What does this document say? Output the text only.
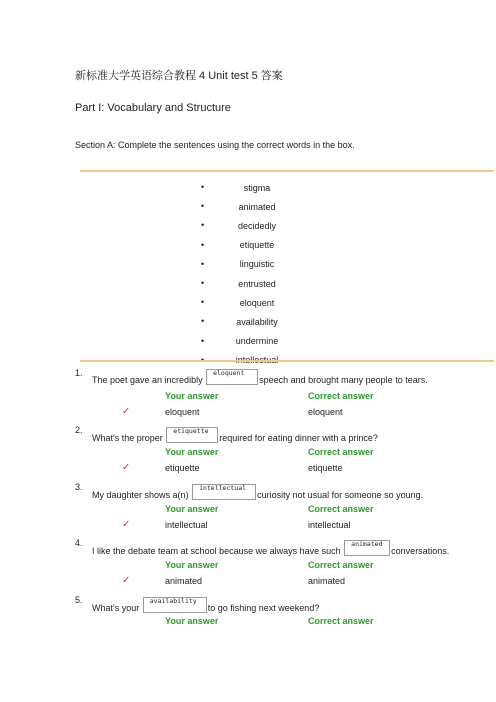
新标准大学英语综合教程 4 Unit test 5 答案
Part I: Vocabulary and Structure
Section A: Complete the sentences using the correct words in the box.
•	stigma
•	animated
•	decidedly
•	etiquette
•	linguistic
•	entrusted
•	eloquent
•	availability
•	undermine
1.
The poet gave an incredibly
eloquent
speech and brought many people to tears.
Your answer	Correct answer
✓	eloquent	eloquent
2.
What's the proper
etiquette
required for eating dinner with a prince?
Your answer	Correct answer
✓	etiquette	etiquette
3.
My daughter shows a(n)
intellectual
curiosity not usual for someone so young.
Your answer	Correct answer
✓	intellectual	intellectual
4.
I like the debate team at school because we always have such
animated
conversations.
Your answer	Correct answer
✓	animated	animated
5.
What's your
availability
to go fishing next weekend?
Your answer	Correct answer
